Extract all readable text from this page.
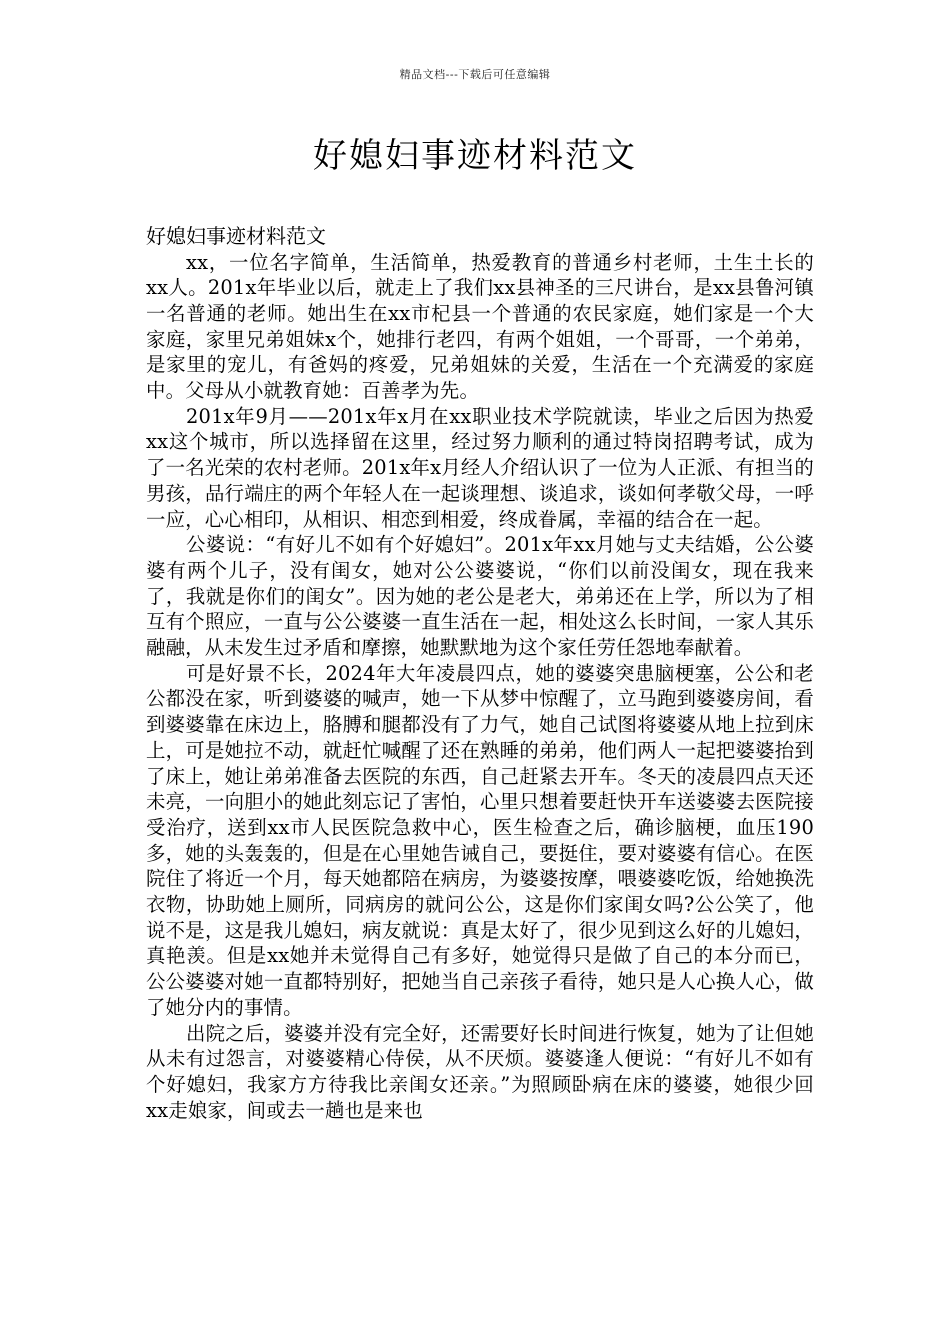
精品文档---下载后可任意编辑
好媳妇事迹材料范文

好媳妇事迹材料范文

xx，一位名字简单，生活简单，热爱教育的普通乡村老师，土生土长的xx人。201x年毕业以后，就走上了我们xx县神圣的三尺讲台，是xx县鲁河镇一名普通的老师。她出生在xx市杞县一个普通的农民家庭，她们家是一个大家庭，家里兄弟姐妹x个，她排行老四，有两个姐姐，一个哥哥，一个弟弟，是家里的宠儿，有爸妈的疼爱，兄弟姐妹的关爱，生活在一个充满爱的家庭中。父母从小就教育她：百善孝为先。

201x年9月——201x年x月在xx职业技术学院就读，毕业之后因为热爱xx这个城市，所以选择留在这里，经过努力顺利的通过特岗招聘考试，成为了一名光荣的农村老师。201x年x月经人介绍认识了一位为人正派、有担当的男孩，品行端庄的两个年轻人在一起谈理想、谈追求，谈如何孝敬父母，一呼一应，心心相印，从相识、相恋到相爱，终成眷属，幸福的结合在一起。

公婆说：“有好儿不如有个好媳妇”。201x年xx月她与丈夫结婚，公公婆婆有两个儿子，没有闺女，她对公公婆婆说，“你们以前没闺女，现在我来了，我就是你们的闺女”。因为她的老公是老大，弟弟还在上学，所以为了相互有个照应，一直与公公婆婆一直生活在一起，相处这么长时间，一家人其乐融融，从未发生过矛盾和摩擦，她默默地为这个家任劳任怨地奉献着。

可是好景不长，2024年大年凌晨四点，她的婆婆突患脑梗塞，公公和老公都没在家，听到婆婆的喊声，她一下从梦中惊醒了，立马跑到婆婆房间，看到婆婆靠在床边上，胳膊和腿都没有了力气，她自己试图将婆婆从地上拉到床上，可是她拉不动，就赶忙喊醒了还在熟睡的弟弟，他们两人一起把婆婆抬到了床上，她让弟弟准备去医院的东西，自己赶紧去开车。冬天的凌晨四点天还未亮，一向胆小的她此刻忘记了害怕，心里只想着要赶快开车送婆婆去医院接受治疗，送到xx市人民医院急救中心，医生检查之后，确诊脑梗，血压190多，她的头轰轰的，但是在心里她告诫自己，要挺住，要对婆婆有信心。在医院住了将近一个月，每天她都陪在病房，为婆婆按摩，喂婆婆吃饭，给她换洗衣物，协助她上厕所，同病房的就问公公，这是你们家闺女吗?公公笑了，他说不是，这是我儿媳妇，病友就说：真是太好了，很少见到这么好的儿媳妇，真艳羡。但是xx她并未觉得自己有多好，她觉得只是做了自己的本分而已，公公婆婆对她一直都特别好，把她当自己亲孩子看待，她只是人心换人心，做了她分内的事情。

出院之后，婆婆并没有完全好，还需要好长时间进行恢复，她为了让但她从未有过怨言，对婆婆精心侍侯，从不厌烦。婆婆逢人便说：“有好儿不如有个好媳妇，我家方方待我比亲闺女还亲。”为照顾卧病在床的婆婆，她很少回xx走娘家，间或去一趟也是来也
